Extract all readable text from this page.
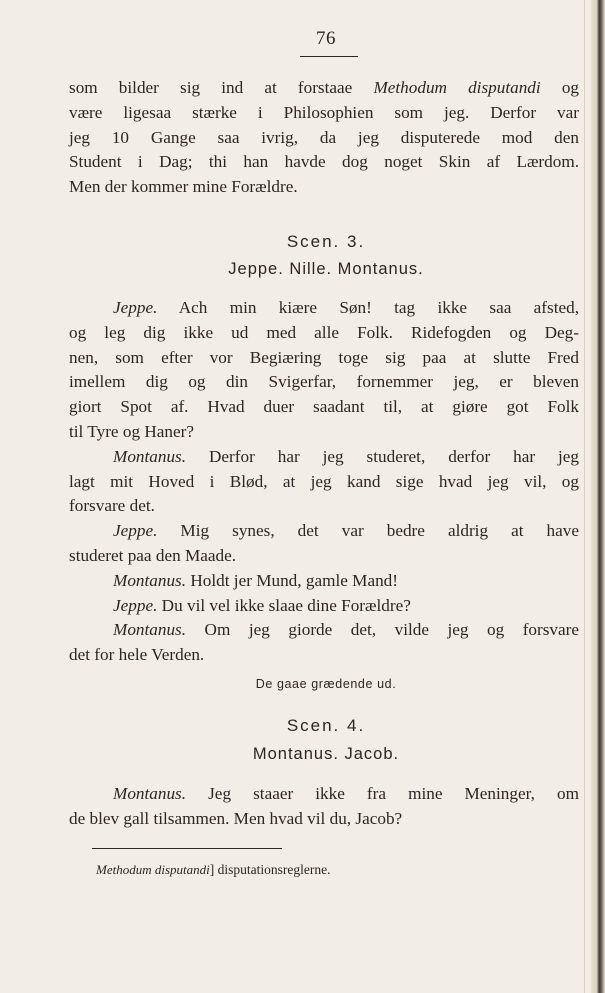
76
som bilder sig ind at forstaae Methodum disputandi og
være ligesaa stærke i Philosophien som jeg. Derfor var
jeg 10 Gange saa ivrig, da jeg disputerede mod den
Student i Dag; thi han havde dog noget Skin af Lærdom.
Men der kommer mine Forældre.
Scen. 3.
Jeppe. Nille. Montanus.
Jeppe. Ach min kiære Søn! tag ikke saa afsted,
og leg dig ikke ud med alle Folk. Ridefogden og Deg-
nen, som efter vor Begiæring toge sig paa at slutte Fred
imellem dig og din Svigerfar, fornemmer jeg, er bleven
giort Spot af. Hvad duer saadant til, at giøre got Folk
til Tyre og Haner?
Montanus. Derfor har jeg studeret, derfor har jeg
lagt mit Hoved i Blød, at jeg kand sige hvad jeg vil, og
forsvare det.
Jeppe. Mig synes, det var bedre aldrig at have
studeret paa den Maade.
Montanus. Holdt jer Mund, gamle Mand!
Jeppe. Du vil vel ikke slaae dine Forældre?
Montanus. Om jeg giorde det, vilde jeg og forsvare
det for hele Verden.
De gaae grædende ud.
Scen. 4.
Montanus. Jacob.
Montanus. Jeg staaer ikke fra mine Meninger, om
de blev gall tilsammen. Men hvad vil du, Jacob?
Methodum disputandi] disputationsreglerne.
